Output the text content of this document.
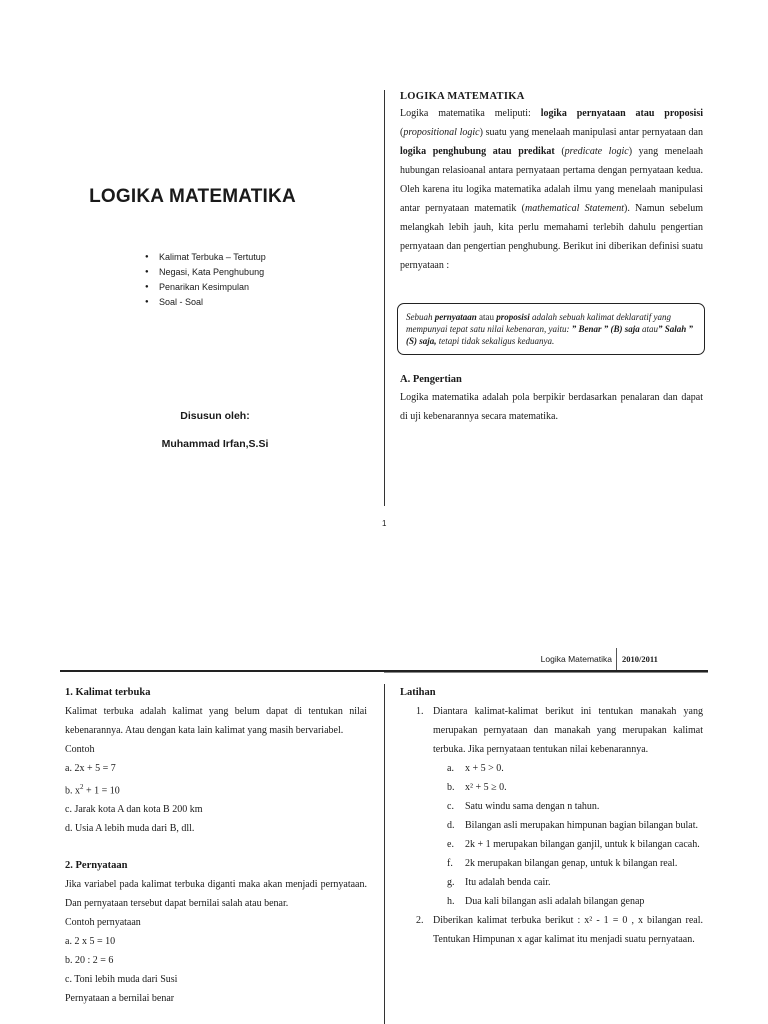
LOGIKA MATEMATIKA
● Kalimat Terbuka – Tertutup
● Negasi, Kata Penghubung
● Penarikan Kesimpulan
● Soal - Soal
Disusun oleh:
Muhammad Irfan,S.Si
1
LOGIKA MATEMATIKA

Logika matematika meliputi: logika pernyataan atau proposisi (propositional logic) suatu yang menelaah manipulasi antar pernyataan dan logika penghubung atau predikat (predicate logic) yang menelaah hubungan relasioanal antara pernyataan pertama dengan pernyataan kedua. Oleh karena itu logika matematika adalah ilmu yang menelaah manipulasi antar pernyataan matematik (mathematical Statement). Namun sebelum melangkah lebih jauh, kita perlu memahami terlebih dahulu pengertian pernyataan dan pengertian penghubung. Berikut ini diberikan definisi suatu pernyataan :

Sebuah pernyataan atau proposisi adalah sebuah kalimat deklaratif yang mempunyai tepat satu nilai kebenaran, yaitu: ” Benar ” (B) saja atau” Salah ” (S) saja, tetapi tidak sekaligus keduanya.
A. Pengertian

Logika matematika adalah pola berpikir berdasarkan penalaran dan dapat di uji kebenarannya secara matematika.

Logika Matematika 2010/2011
1. Kalimat terbuka

Kalimat terbuka adalah kalimat yang belum dapat di tentukan nilai kebenarannya. Atau dengan kata lain kalimat yang masih bervariabel.

Contoh

a. 2x + 5 = 7

b. $x^2 + 1 = 10$

c. Jarak kota A dan kota B 200 km

d. Usia A lebih muda dari B, dll.

2. Pernyataan

Jika variabel pada kalimat terbuka diganti maka akan menjadi pernyataan. Dan pernyataan tersebut dapat bernilai salah atau benar.

Contoh pernyataan

a. 2 x 5 = 10

b. 20 : 2 = 6

c. Toni lebih muda dari Susi

Pernyataan a bernilai benar

Latihan
1. Diantara kalimat-kalimat berikut ini tentukan manakah yang merupakan pernyataan dan manakah yang merupakan kalimat terbuka. Jika pernyataan tentukan nilai kebenarannya.
a. x + 5 > 0.
b. x² + 5 ≥ 0.
c. Satu windu sama dengan n tahun.
d. Bilangan asli merupakan himpunan bagian bilangan bulat.
e. 2k + 1 merupakan bilangan ganjil, untuk k bilangan cacah.
f. 2k merupakan bilangan genap, untuk k bilangan real.
g. Itu adalah benda cair.
h. Dua kali bilangan asli adalah bilangan genap
2. Diberikan kalimat terbuka berikut : x² - 1 = 0 , x bilangan real. Tentukan Himpunan x agar kalimat itu menjadi suatu pernyataan.
